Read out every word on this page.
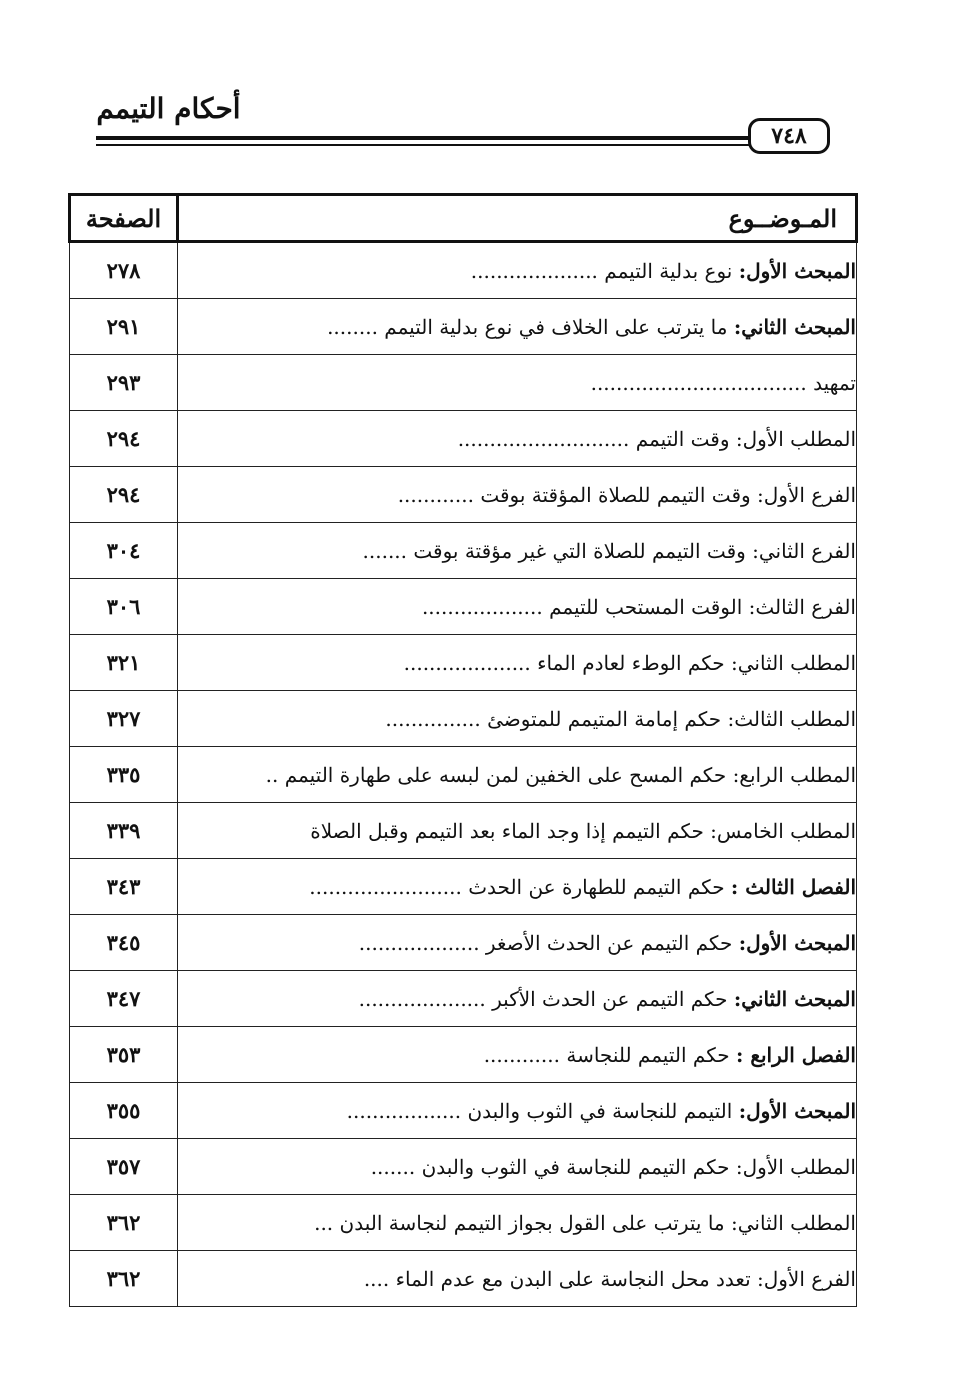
أحكام التيمم
٧٤٨
المـوضــوع	الصفحة
المبحث الأول: نوع بدلية التيمم ....................	٢٧٨
المبحث الثاني: ما يترتب على الخلاف في نوع بدلية التيمم ........	٢٩١
تمهيد ..................................	٢٩٣
المطلب الأول: وقت التيمم ...........................	٢٩٤
الفرع الأول: وقت التيمم للصلاة المؤقتة بوقت ............	٢٩٤
الفرع الثاني: وقت التيمم للصلاة التي غير مؤقتة بوقت .......	٣٠٤
الفرع الثالث: الوقت المستحب للتيمم ...................	٣٠٦
المطلب الثاني: حكم الوطء لعادم الماء ....................	٣٢١
المطلب الثالث: حكم إمامة المتيمم للمتوضئ ...............	٣٢٧
المطلب الرابع: حكم المسح على الخفين لمن لبسه على طهارة التيمم ..	٣٣٥
المطلب الخامس: حكم التيمم إذا وجد الماء بعد التيمم وقبل الصلاة	٣٣٩
الفصل الثالث : حكم التيمم للطهارة عن الحدث ........................	٣٤٣
المبحث الأول: حكم التيمم عن الحدث الأصغر ...................	٣٤٥
المبحث الثاني: حكم التيمم عن الحدث الأكبر ....................	٣٤٧
الفصل الرابع : حكم التيمم للنجاسة ............	٣٥٣
المبحث الأول: التيمم للنجاسة في الثوب والبدن ..................	٣٥٥
المطلب الأول: حكم التيمم للنجاسة في الثوب والبدن .......	٣٥٧
المطلب الثاني: ما يترتب على القول بجواز التيمم لنجاسة البدن ...	٣٦٢
الفرع الأول: تعدد محل النجاسة على البدن مع عدم الماء ....	٣٦٢
